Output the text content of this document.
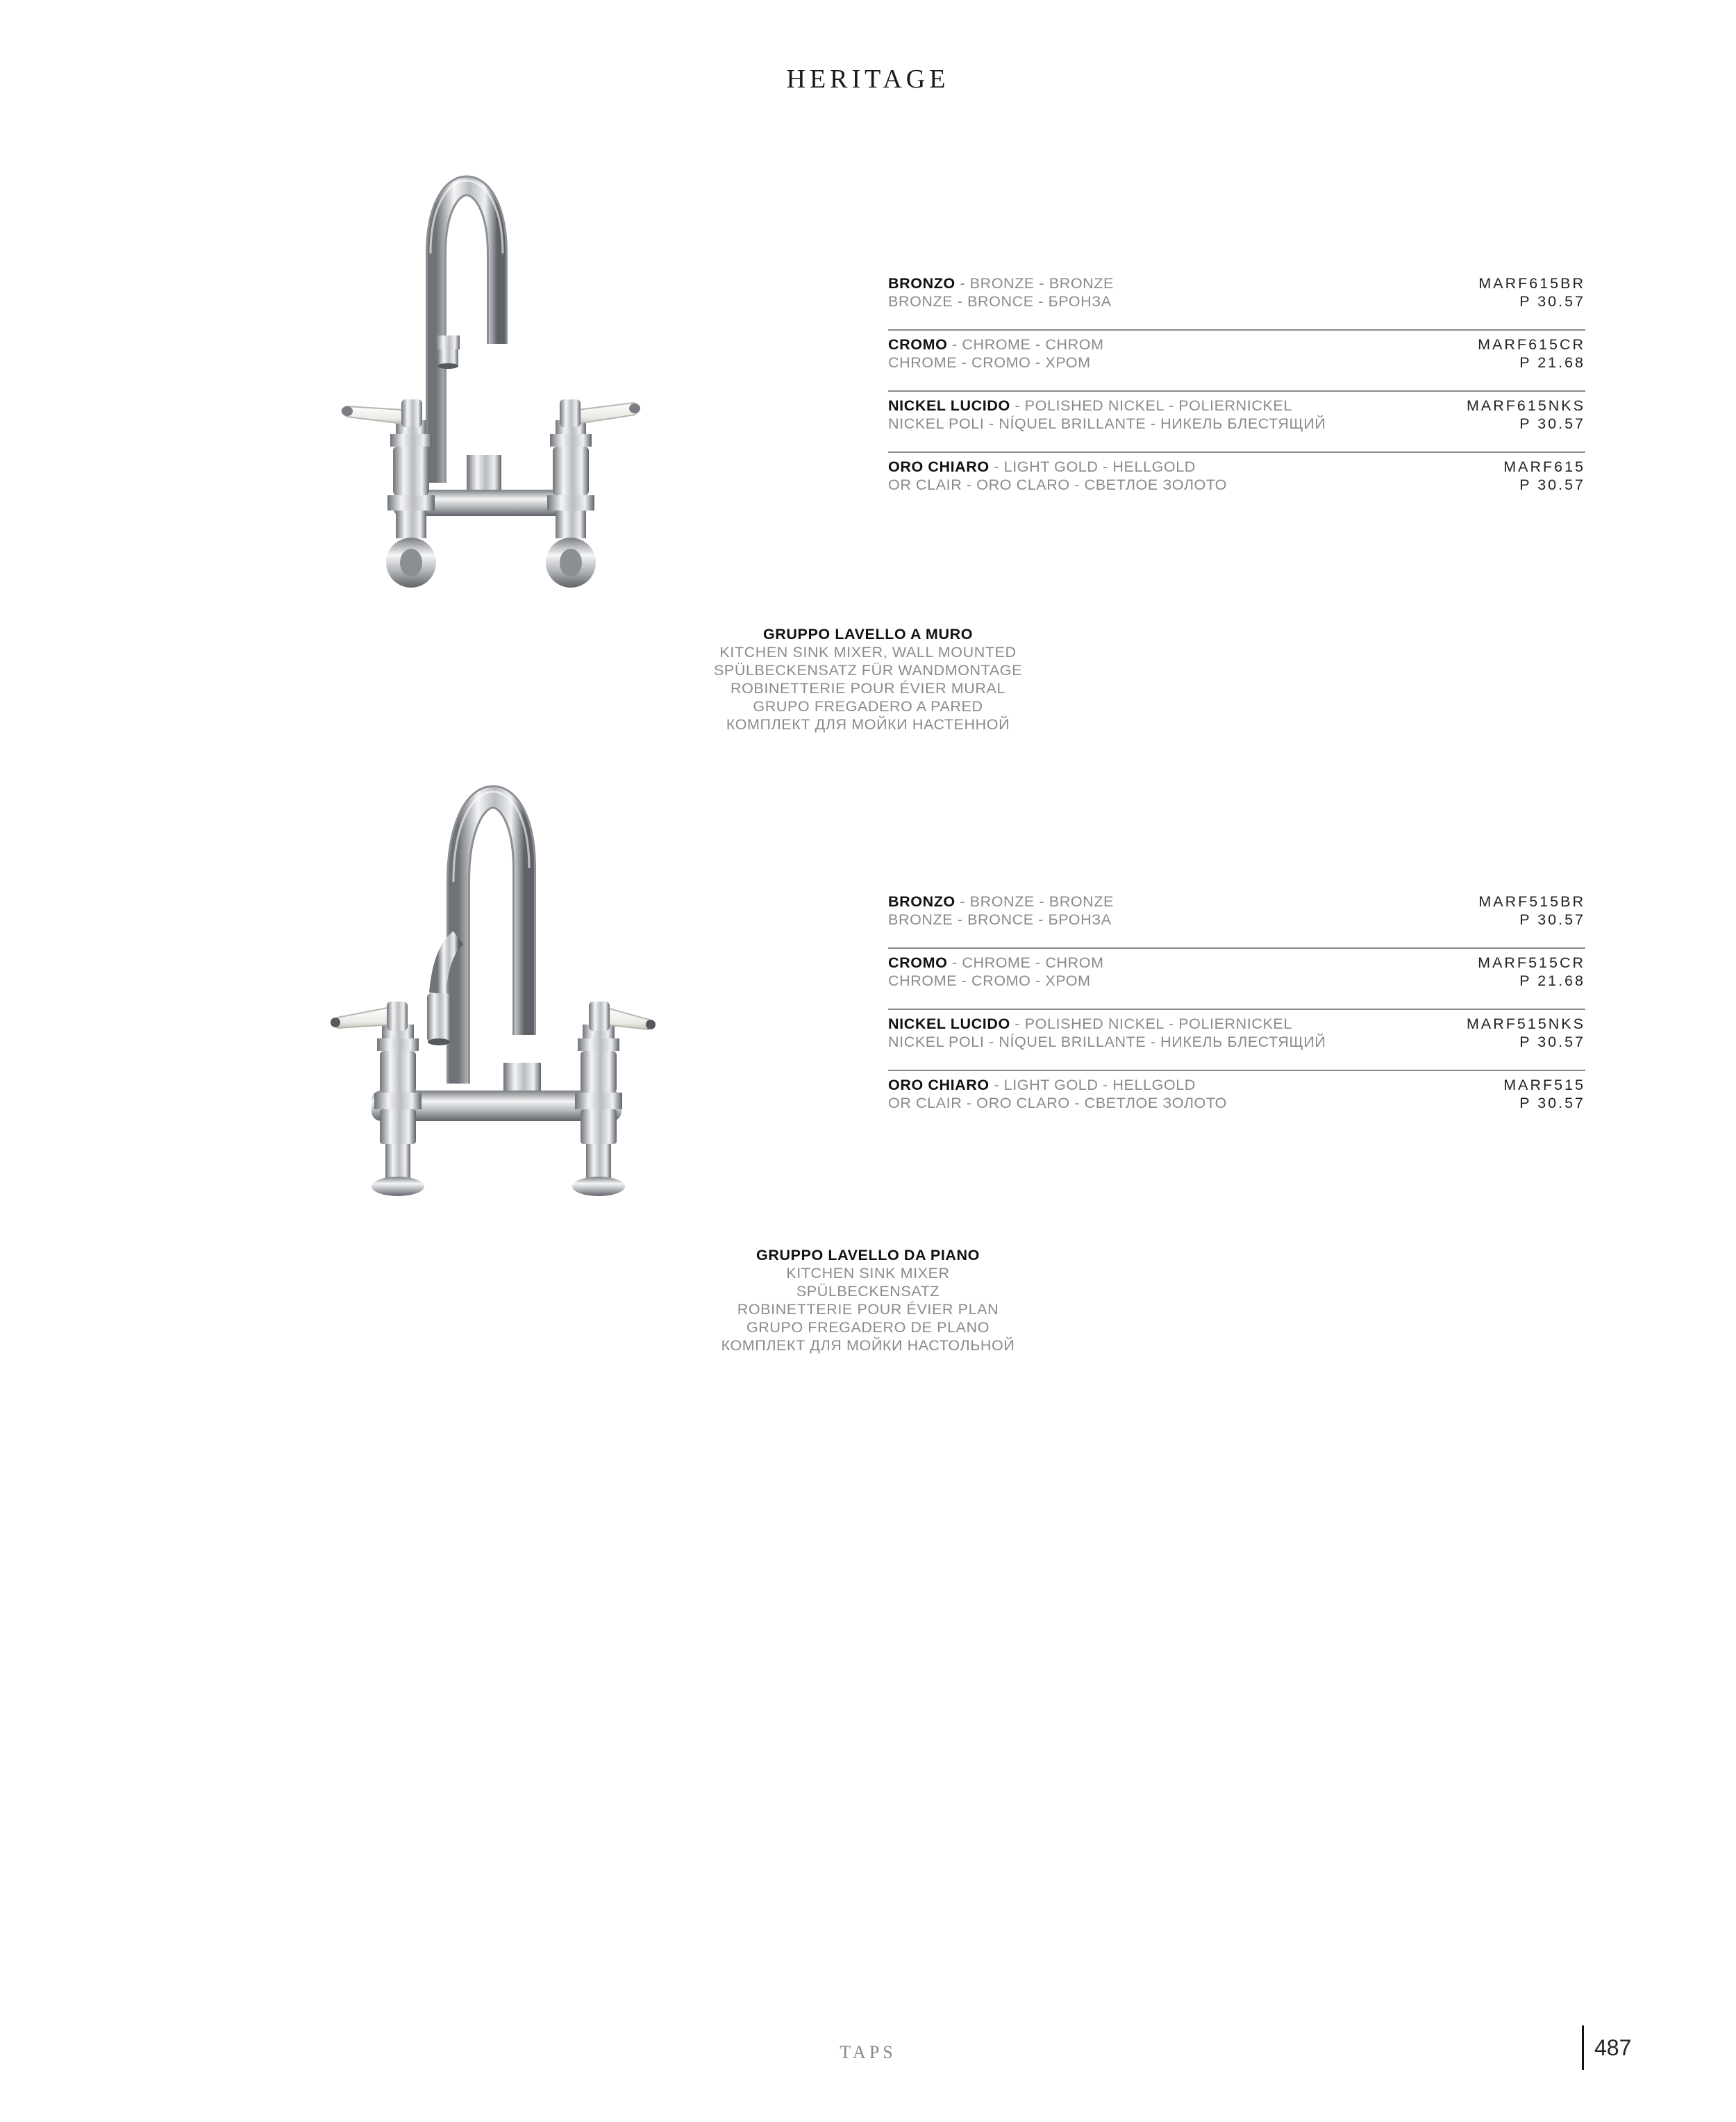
HERITAGE
BRONZO - BRONZE - BRONZE
BRONZE - BRONCE - БРОНЗА
MARF615BR
P 30.57
CROMO - CHROME - CHROM
CHROME - CROMO - ХРОМ
MARF615CR
P 21.68
NICKEL LUCIDO - POLISHED NICKEL - POLIERNICKEL
NICKEL POLI - NÍQUEL BRILLANTE - НИКЕЛЬ БЛЕСТЯЩИЙ
MARF615NKS
P 30.57
ORO CHIARO - LIGHT GOLD - HELLGOLD
OR CLAIR - ORO CLARO - СВЕТЛОЕ ЗОЛОТО
MARF615
P 30.57
GRUPPO LAVELLO A MURO
KITCHEN SINK MIXER, WALL MOUNTED
SPÜLBECKENSATZ FÜR WANDMONTAGE
ROBINETTERIE POUR ÉVIER MURAL
GRUPO FREGADERO A PARED
КОМПЛЕКТ ДЛЯ МОЙКИ НАСТЕННОЙ
BRONZO - BRONZE - BRONZE
BRONZE - BRONCE - БРОНЗА
MARF515BR
P 30.57
CROMO - CHROME - CHROM
CHROME - CROMO - ХРОМ
MARF515CR
P 21.68
NICKEL LUCIDO - POLISHED NICKEL - POLIERNICKEL
NICKEL POLI - NÍQUEL BRILLANTE - НИКЕЛЬ БЛЕСТЯЩИЙ
MARF515NKS
P 30.57
ORO CHIARO - LIGHT GOLD - HELLGOLD
OR CLAIR - ORO CLARO - СВЕТЛОЕ ЗОЛОТО
MARF515
P 30.57
GRUPPO LAVELLO DA PIANO
KITCHEN SINK MIXER
SPÜLBECKENSATZ
ROBINETTERIE POUR ÉVIER PLAN
GRUPO FREGADERO DE PLANO
КОМПЛЕКТ ДЛЯ МОЙКИ НАСТОЛЬНОЙ
TAPS	487
